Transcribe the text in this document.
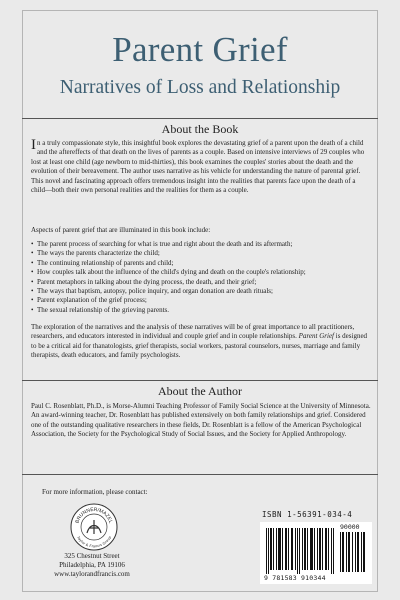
Parent Grief
Narratives of Loss and Relationship
About the Book
In a truly compassionate style, this insightful book explores the devastating grief of a parent upon the death of a child and the aftereffects of that death on the lives of parents as a couple. Based on intensive interviews of 29 couples who lost at least one child (age newborn to mid-thirties), this book examines the couples' stories about the death and the evolution of their bereavement. The author uses narrative as his vehicle for understanding the nature of parental grief. This novel and fascinating approach offers tremendous insight into the realities that parents face upon the death of a child—both their own personal realities and the realities for them as a couple.
Aspects of parent grief that are illuminated in this book include:
• The parent process of searching for what is true and right about the death and its aftermath;
• The ways the parents characterize the child;
• The continuing relationship of parents and child;
• How couples talk about the influence of the child's dying and death on the couple's relationship;
• Parent metaphors in talking about the dying process, the death, and their grief;
• The ways that baptism, autopsy, police inquiry, and organ donation are death rituals;
• Parent explanation of the grief process;
• The sexual relationship of the grieving parents.
The exploration of the narratives and the analysis of these narratives will be of great importance to all practitioners, researchers, and educators interested in individual and couple grief and in couple relationships. Parent Grief is designed to be a critical aid for thanatologists, grief therapists, social workers, pastoral counselors, nurses, marriage and family therapists, death educators, and family psychologists.
About the Author
Paul C. Rosenblatt, Ph.D., is Morse-Alumni Teaching Professor of Family Social Science at the University of Minnesota. An award-winning teacher, Dr. Rosenblatt has published extensively on both family relationships and grief. Considered one of the outstanding qualitative researchers in these fields, Dr. Rosenblatt is a fellow of the American Psychological Association, the Society for the Psychological Study of Social Issues, and the Society for Applied Anthropology.
For more information, please contact:
BRUNNER/MAZEL
Taylor & Francis Group
325 Chestnut Street
Philadelphia, PA 19106
www.taylorandfrancis.com
ISBN 1-56391-034-4
90000
9 781583 910344
